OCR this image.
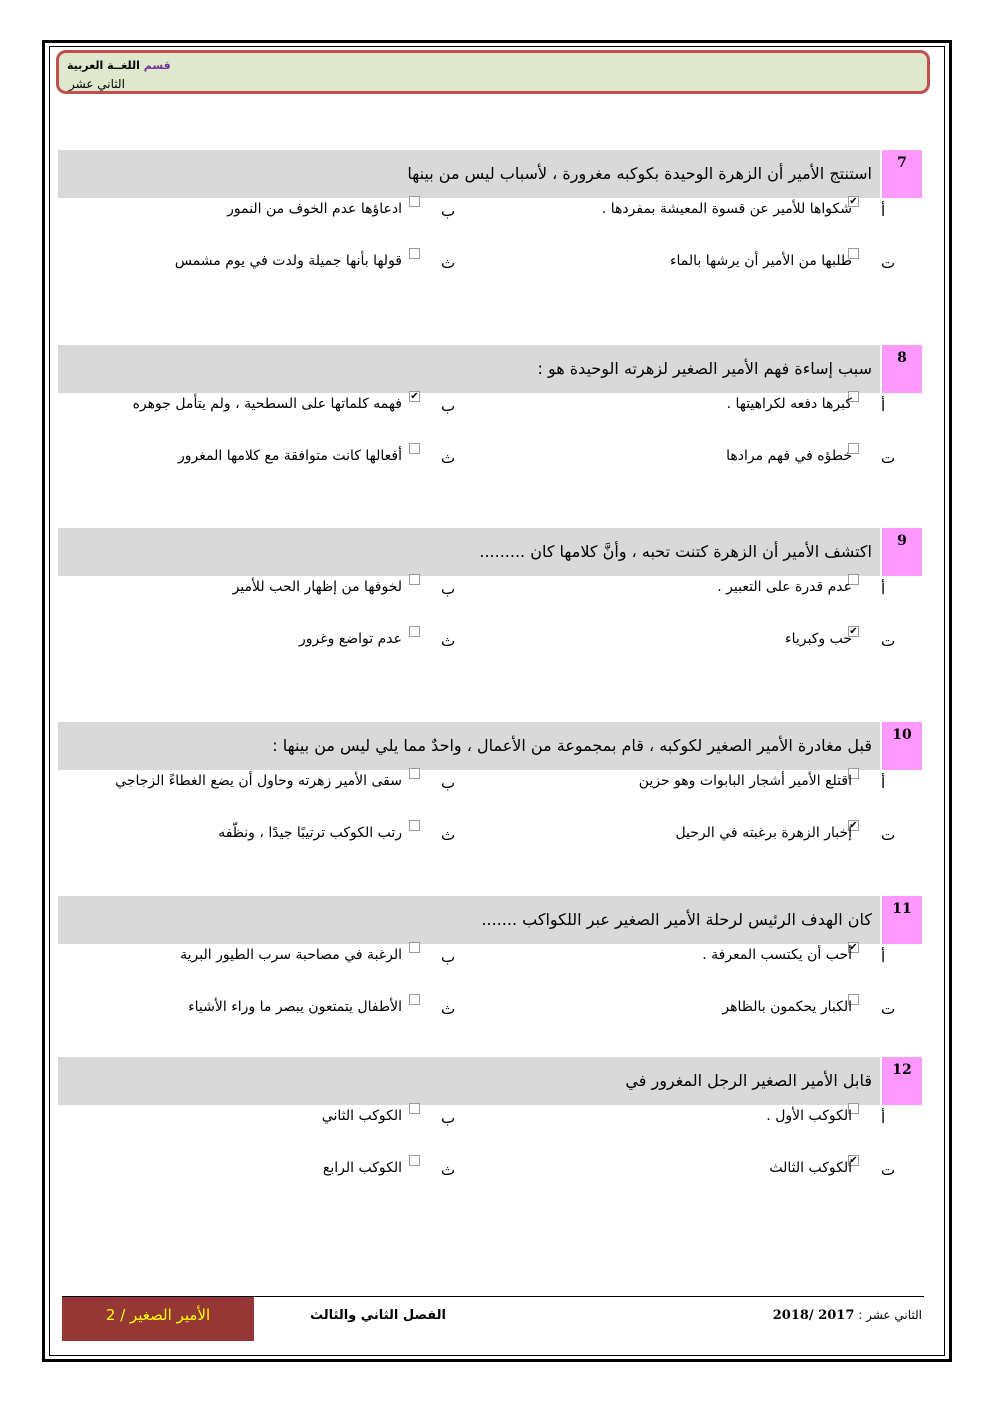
قسم اللغــة العربية
الثاني عشر
استنتج الأمير أن الزهرة الوحيدة بكوكبه مغرورة ، لأسباب ليس من بينها
7
أ
✔
شكواها للأمير عن قسوة المعيشة بمفردها .
ب
ادعاؤها عدم الخوف من النمور
ت
طلبها من الأمير أن يرشها بالماء
ث
قولها بأنها جميلة ولدت في يوم مشمس
سبب إساءة فهم الأمير الصغير لزهرته الوحيدة هو :
8
أ
كبرها دفعه لكراهيتها .
ب
✔
فهمه كلماتها على السطحية ، ولم يتأمل جوهره
ت
خطؤه في فهم مرادها
ث
أفعالها كانت متوافقة مع كلامها المغرور
اكتشف الأمير أن الزهرة كتنت تحبه ، وأنَّ كلامها كان .........
9
أ
عدم قدرة على التعبير .
ب
لخوفها من إظهار الحب للأمير
ت
✔
حب وكبرياء
ث
عدم تواضع وغرور
قبل مغادرة الأمير الصغير لكوكبه ، قام بمجموعة من الأعمال ، واحدٌ مما يلي ليس من بينها :
10
أ
اقتلع الأمير أشجار البابوات وهو حزين
ب
سقى الأمير زهرته وحاول أن يضع الغطاءً الزجاجي
ت
✔
إخبار الزهرة برغبته في الرحيل
ث
رتب الكوكب ترتيبًا جيدًا ، ونظّفه
كان الهدف الرئيس لرحلة الأمير الصغير عبر اللكواكب .......
11
أ
✔
أحب أن يكتسب المعرفة .
ب
الرغبة في مصاحبة سرب الطيور البرية
ت
الكبار يحكمون بالظاهر
ث
الأطفال يتمتعون يبصر ما وراء الأشياء
قابل الأمير الصغير الرجل المغرور في
12
أ
الكوكب الأول .
ب
الكوكب الثاني
ت
✔
الكوكب الثالث
ث
الكوكب الرابع
الأمير الصغير / 2	الفصل الثاني والثالث	الثاني عشر : 2017 /2018
